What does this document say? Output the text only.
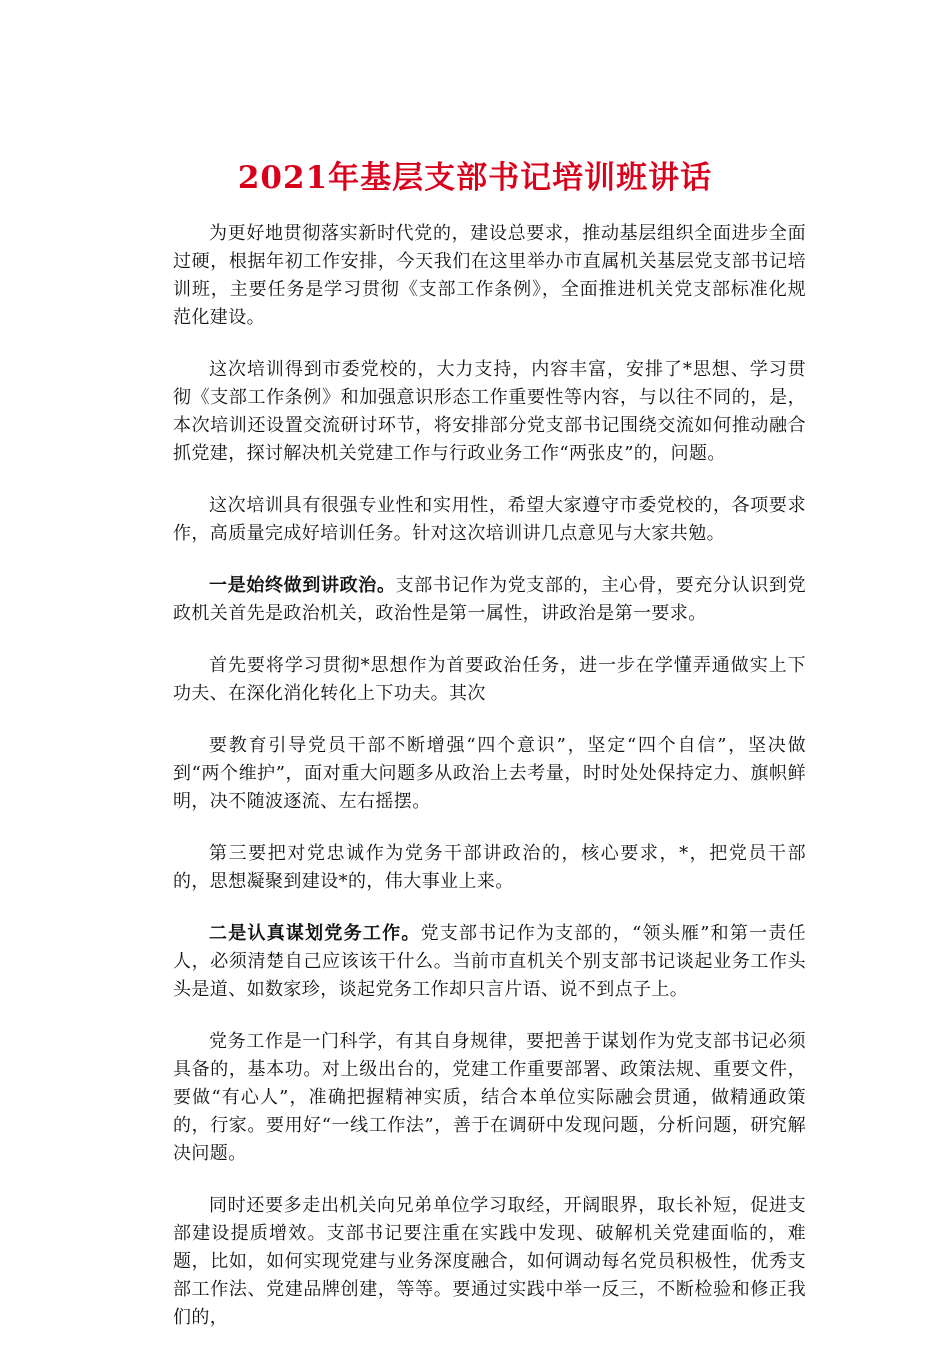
2021年基层支部书记培训班讲话

为更好地贯彻落实新时代党的，建设总要求，推动基层组织全面进步全面过硬，根据年初工作安排，今天我们在这里举办市直属机关基层党支部书记培训班，主要任务是学习贯彻《支部工作条例》，全面推进机关党支部标准化规范化建设。

这次培训得到市委党校的，大力支持，内容丰富，安排了*思想、学习贯彻《支部工作条例》和加强意识形态工作重要性等内容，与以往不同的，是，本次培训还设置交流研讨环节，将安排部分党支部书记围绕交流如何推动融合抓党建，探讨解决机关党建工作与行政业务工作“两张皮”的，问题。

这次培训具有很强专业性和实用性，希望大家遵守市委党校的，各项要求作，高质量完成好培训任务。针对这次培训讲几点意见与大家共勉。

一是始终做到讲政治。支部书记作为党支部的，主心骨，要充分认识到党政机关首先是政治机关，政治性是第一属性，讲政治是第一要求。

首先要将学习贯彻*思想作为首要政治任务，进一步在学懂弄通做实上下功夫、在深化消化转化上下功夫。其次

要教育引导党员干部不断增强“四个意识”，坚定“四个自信”，坚决做到“两个维护”，面对重大问题多从政治上去考量，时时处处保持定力、旗帜鲜明，决不随波逐流、左右摇摆。

第三要把对党忠诚作为党务干部讲政治的，核心要求，*，把党员干部的，思想凝聚到建设*的，伟大事业上来。

二是认真谋划党务工作。党支部书记作为支部的，“领头雁”和第一责任人，必须清楚自己应该该干什么。当前市直机关个别支部书记谈起业务工作头头是道、如数家珍，谈起党务工作却只言片语、说不到点子上。

党务工作是一门科学，有其自身规律，要把善于谋划作为党支部书记必须具备的，基本功。对上级出台的，党建工作重要部署、政策法规、重要文件，要做“有心人”，准确把握精神实质，结合本单位实际融会贯通，做精通政策的，行家。要用好“一线工作法”，善于在调研中发现问题，分析问题，研究解决问题。

同时还要多走出机关向兄弟单位学习取经，开阔眼界，取长补短，促进支部建设提质增效。支部书记要注重在实践中发现、破解机关党建面临的，难题，比如，如何实现党建与业务深度融合，如何调动每名党员积极性，优秀支部工作法、党建品牌创建，等等。要通过实践中举一反三，不断检验和修正我们的，
